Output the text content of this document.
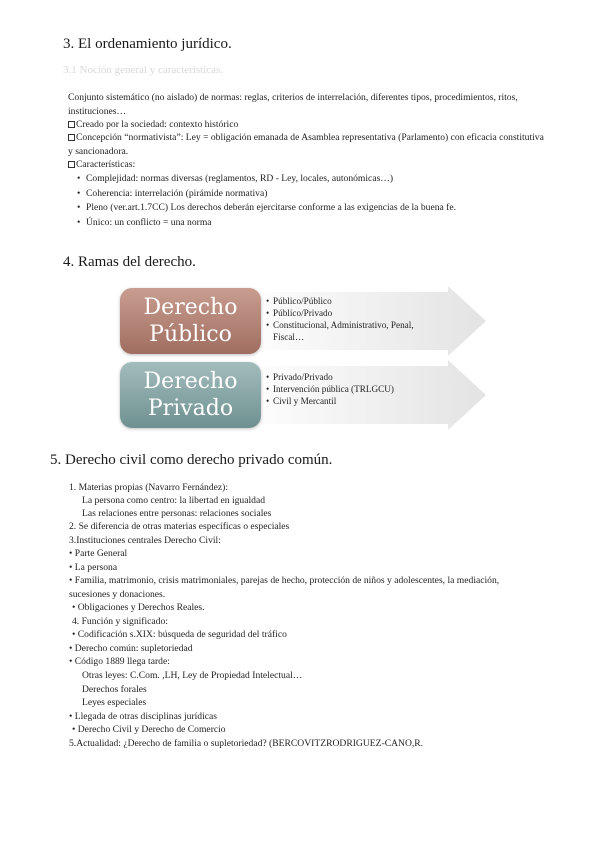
3. El ordenamiento jurídico.
3.1 Noción general y características.
Conjunto sistemático (no aislado) de normas: reglas, criterios de interrelación, diferentes tipos, procedimientos, ritos, instituciones…
Creado por la sociedad: contexto histórico
Concepción “normativista”: Ley = obligación emanada de Asamblea representativa (Parlamento) con eficacia constitutiva y sancionadora.
Características:
• Complejidad: normas diversas (reglamentos, RD - Ley, locales, autonómicas…)
• Coherencia: interrelación (pirámide normativa)
• Pleno (ver.art.1.7CC) Los derechos deberán ejercitarse conforme a las exigencias de la buena fe.
• Único: un conflicto = una norma
4. Ramas del derecho.
Derecho
Público
Derecho
Privado
• Público/Público
• Público/Privado
• Constitucional, Administrativo, Penal, Fiscal…
• Privado/Privado
• Intervención pública (TRLGCU)
• Civil y Mercantil
5. Derecho civil como derecho privado común.
1. Materias propias (Navarro Fernández):
La persona como centro: la libertad en igualdad
Las relaciones entre personas: relaciones sociales
2. Se diferencia de otras materias específicas o especiales
3.Instituciones centrales Derecho Civil:
• Parte General
• La persona
• Familia, matrimonio, crisis matrimoniales, parejas de hecho, protección de niños y adolescentes, la mediación,
sucesiones y donaciones.
• Obligaciones y Derechos Reales.
4. Función y significado:
• Codificación s.XIX: búsqueda de seguridad del tráfico
• Derecho común: supletoriedad
• Código 1889 llega tarde:
Otras leyes: C.Com. ,LH, Ley de Propiedad Intelectual…
Derechos forales
Leyes especiales
• Llegada de otras disciplinas jurídicas
• Derecho Civil y Derecho de Comercio
5.Actualidad: ¿Derecho de familia o supletoriedad? (BERCOVITZRODRIGUEZ-CANO,R.
